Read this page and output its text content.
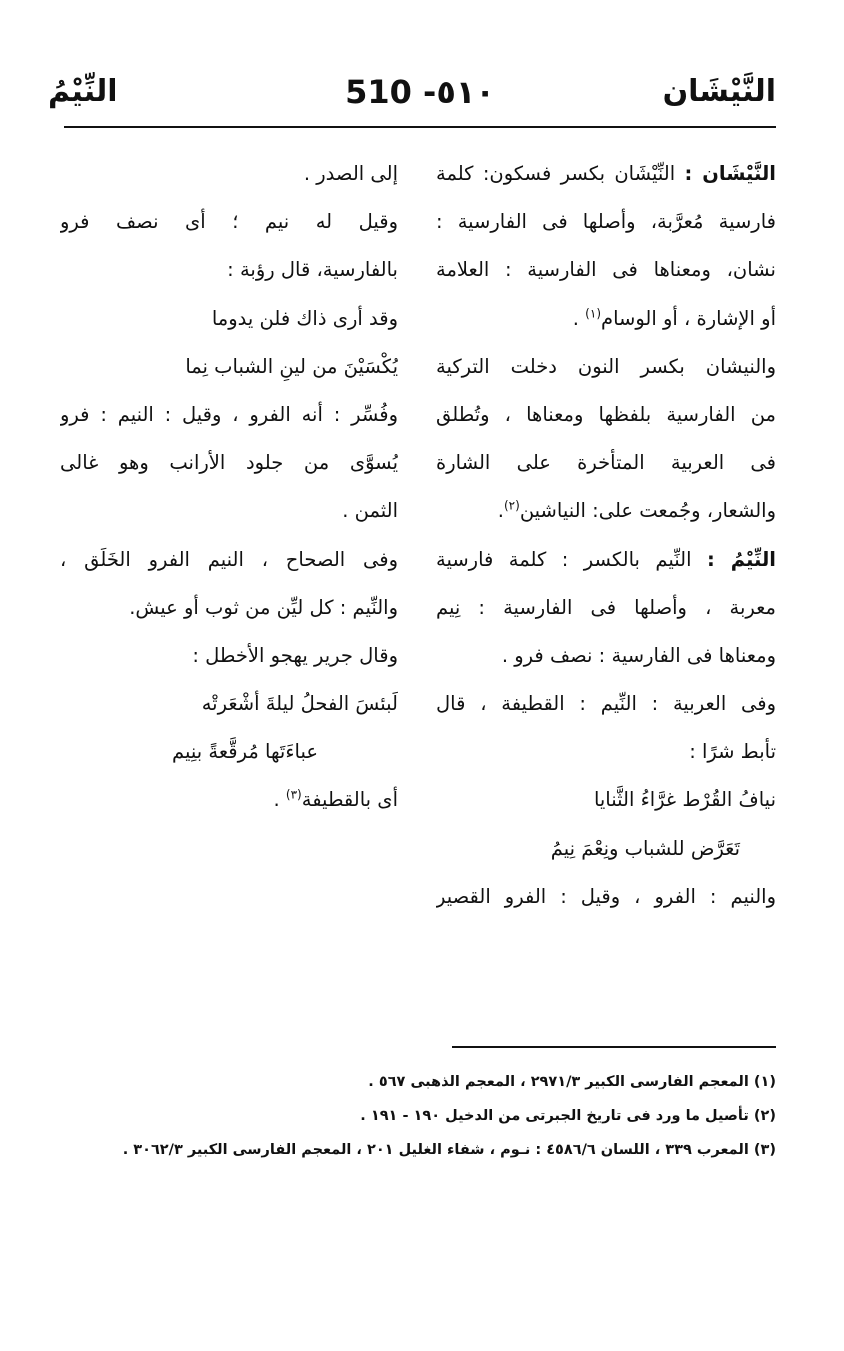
النَّيْشَان
510 -٥١٠
النِّيْمُ
النَّيْشَان : النِّيْشَان بكسر فسكون: كلمة
فارسية مُعرَّبة، وأصلها فى الفارسية :
نشان، ومعناها فى الفارسية : العلامة
أو الإشارة ، أو الوسام$^{(١)}$ .
والنيشان بكسر النون دخلت التركية
من الفارسية بلفظها ومعناها ، وتُطلق
فى العربية المتأخرة على الشارة
والشعار، وجُمعت على: النياشين$^{(٢)}$.
النِّيْمُ : النِّيم بالكسر : كلمة فارسية
معربة ، وأصلها فى الفارسية : نِيم
ومعناها فى الفارسية : نصف فرو .
وفى العربية : النِّيم : القطيفة ، قال
تأبط شرًا :
نيافُ القُرْط غرَّاءُ الثَّنايا
تَعَرَّض للشباب ونِعْمَ نِيمُ
والنيم : الفرو ، وقيل : الفرو القصير
إلى الصدر .
وقيل له نيم ؛ أى نصف فرو
بالفارسية، قال رؤبة :
وقد أرى ذاك فلن يدوما
يُكْسَيْنَ من لينِ الشباب نِما
وفُسِّر : أنه الفرو ، وقيل : النيم : فرو
يُسوَّى من جلود الأرانب وهو غالى
الثمن .
وفى الصحاح ، النيم الفرو الخَلَق ،
والنِّيم : كل ليِّن من ثوب أو عيش.
وقال جرير يهجو الأخطل :
لَبئسَ الفحلُ ليلةَ أشْعَرتْه
عباءَتَها مُرقَّعةً بنِيم
أى بالقطيفة$^{(٣)}$ .
(١) المعجم الفارسى الكبير ٢٩٧١/٣ ، المعجم الذهبى ٥٦٧ .
(٢) تأصيل ما ورد فى تاريخ الجبرتى من الدخيل ١٩٠ - ١٩١ .
(٣) المعرب ٣٣٩ ، اللسان ٤٥٨٦/٦ : نـوم ، شفاء الغليل ٢٠١ ، المعجم الفارسى الكبير ٣٠٦٢/٣ .
